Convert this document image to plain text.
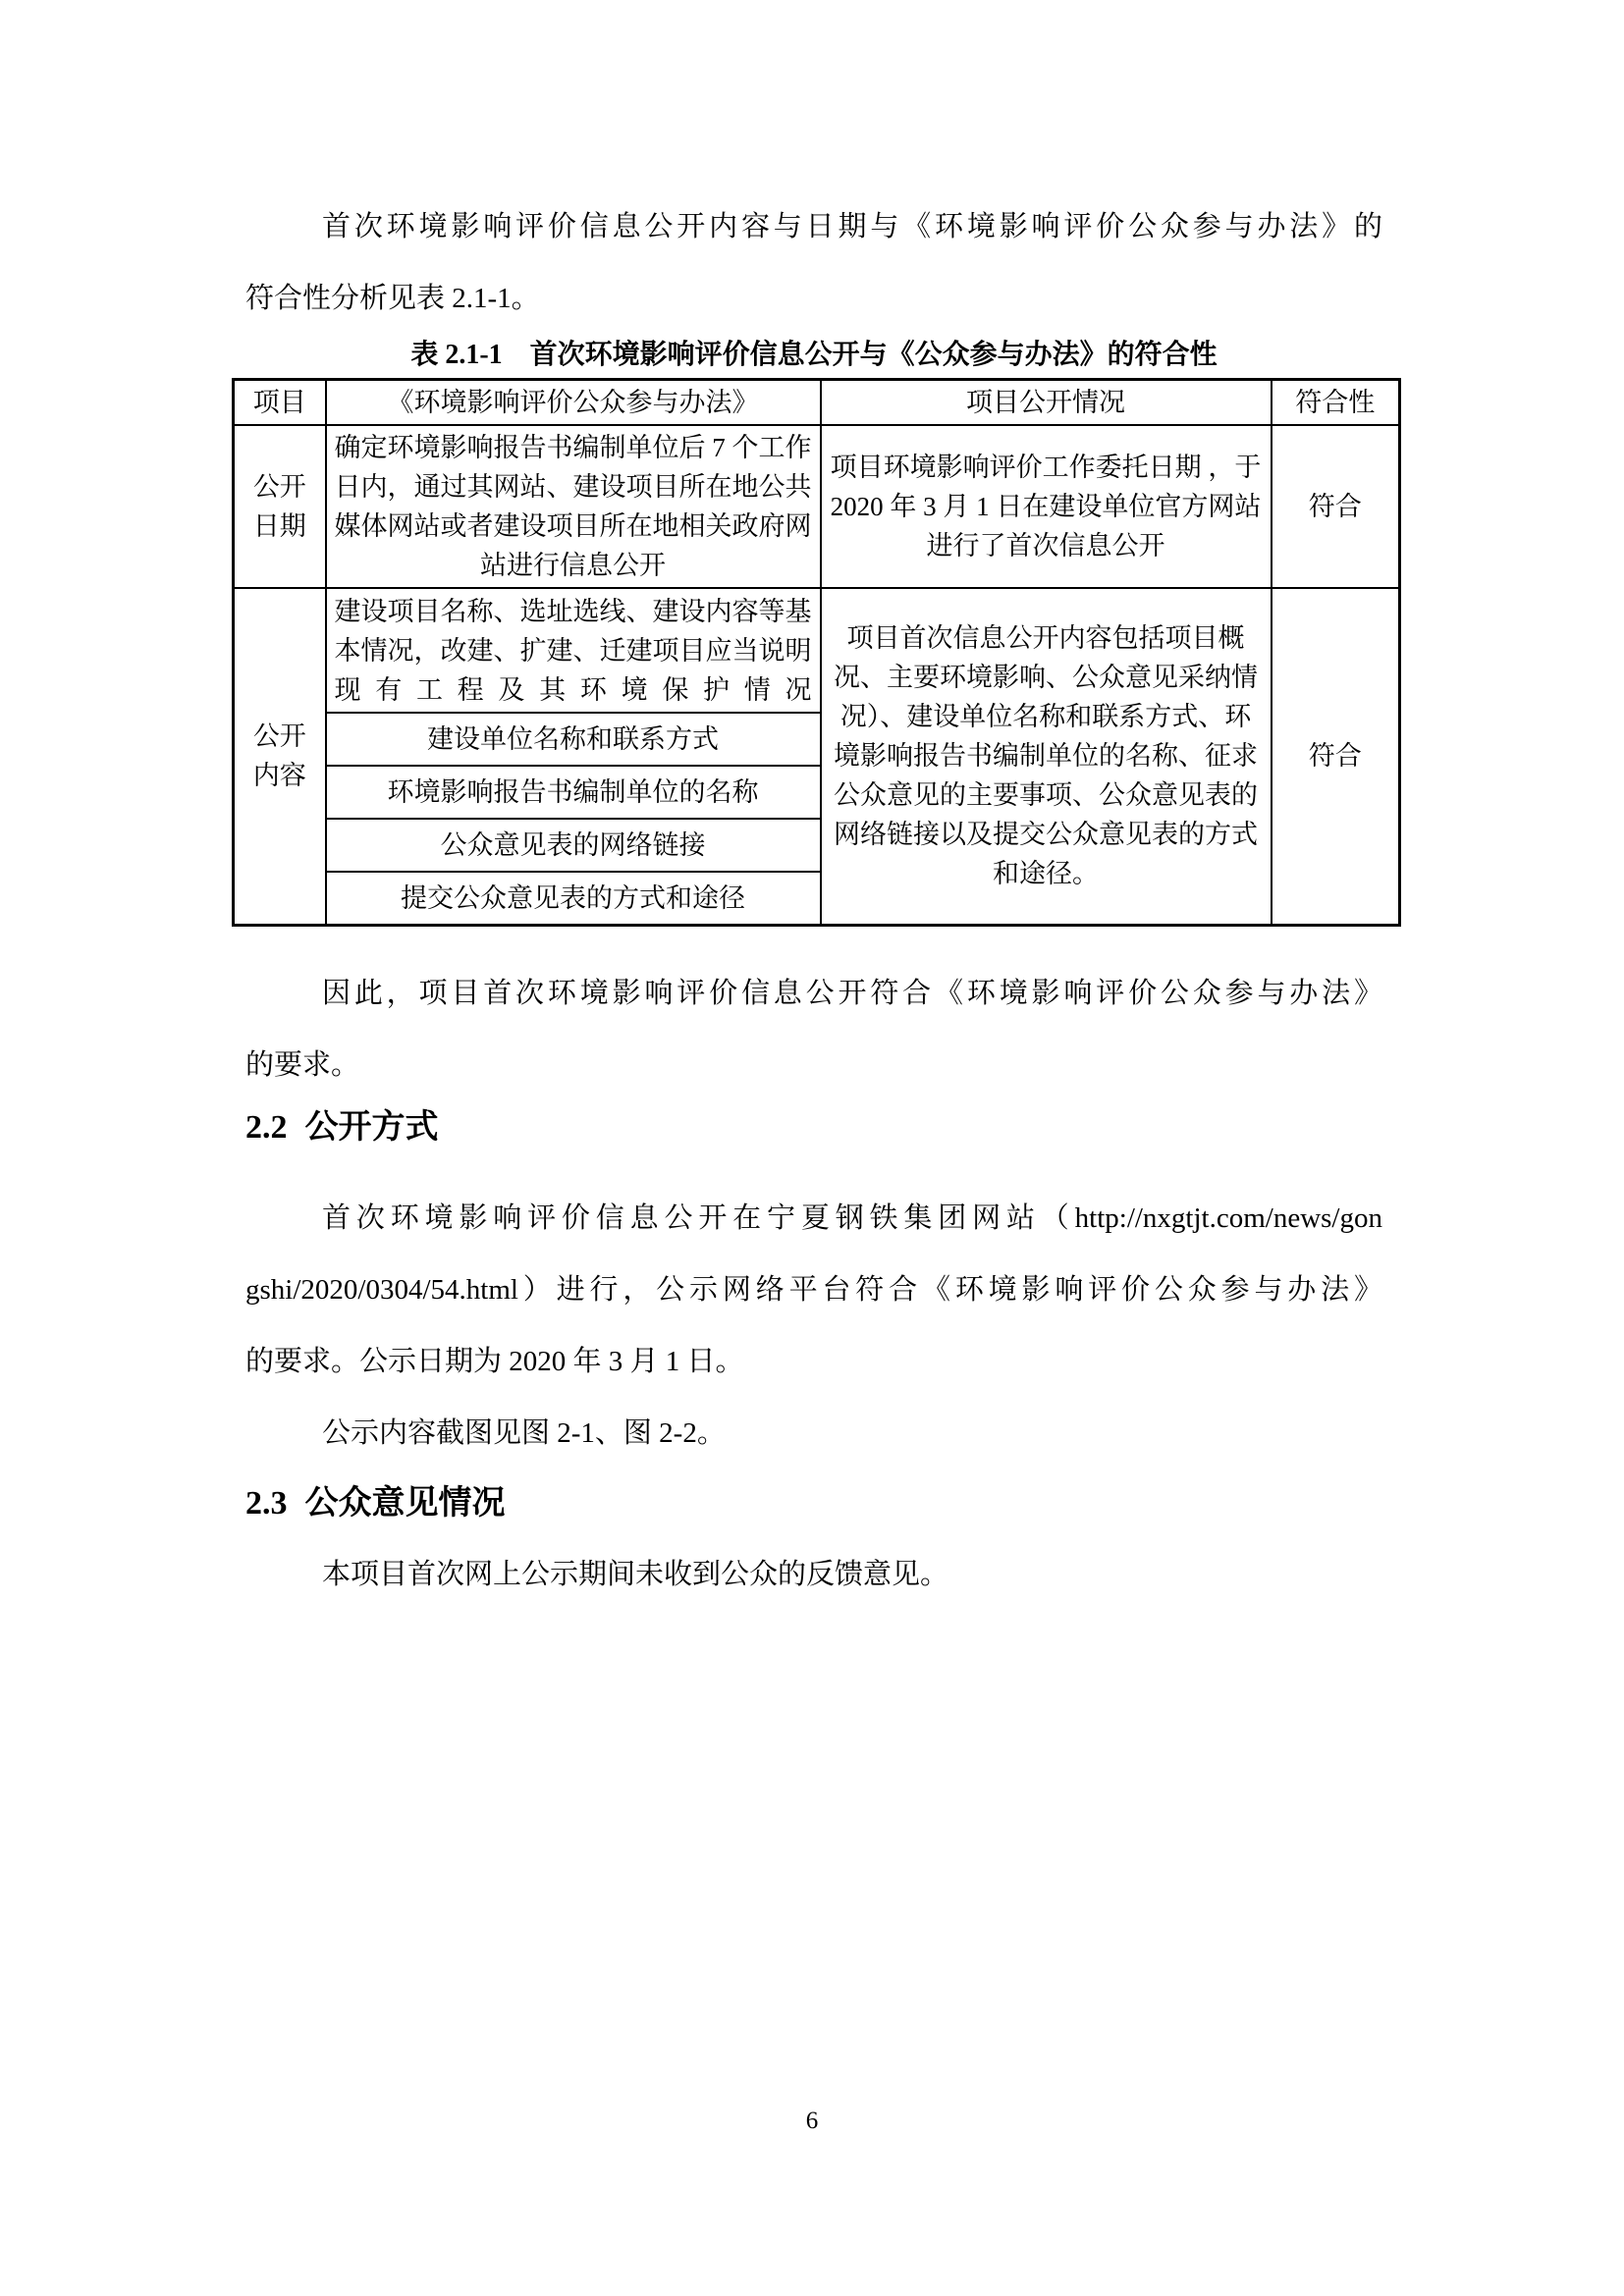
首次环境影响评价信息公开内容与日期与《环境影响评价公众参与办法》的
符合性分析见表 2.1-1。
表 2.1-1　首次环境影响评价信息公开与《公众参与办法》的符合性
项目	《环境影响评价公众参与办法》	项目公开情况	符合性

公开
日期	确定环境影响报告书编制单位后 7 个工作日内，通过其网站、建设项目所在地公共媒体网站或者建设项目所在地相关政府网站进行信息公开	项目环境影响评价工作委托日期 ，于 2020 年 3 月 1 日在建设单位官方网站进行了首次信息公开	符合

公开
内容	建设项目名称、选址选线、建设内容等基本情况，改建、扩建、迁建项目应当说明现有工程及其环境保护情况	项目首次信息公开内容包括项目概况、主要环境影响、公众意见采纳情况）、建设单位名称和联系方式、环境影响报告书编制单位的名称、征求公众意见的主要事项、公众意见表的网络链接以及提交公众意见表的方式和途径。	符合
	建设单位名称和联系方式		
	环境影响报告书编制单位的名称		
	公众意见表的网络链接		
	提交公众意见表的方式和途径		
因此，项目首次环境影响评价信息公开符合《环境影响评价公众参与办法》
的要求。
2.2 公开方式
首次环境影响评价信息公开在宁夏钢铁集团网站（http://nxgtjt.com/news/gon
gshi/2020/0304/54.html）进行，公示网络平台符合《环境影响评价公众参与办法》
的要求。公示日期为 2020 年 3 月 1 日。
公示内容截图见图 2-1、图 2-2。
2.3 公众意见情况
本项目首次网上公示期间未收到公众的反馈意见。
6
